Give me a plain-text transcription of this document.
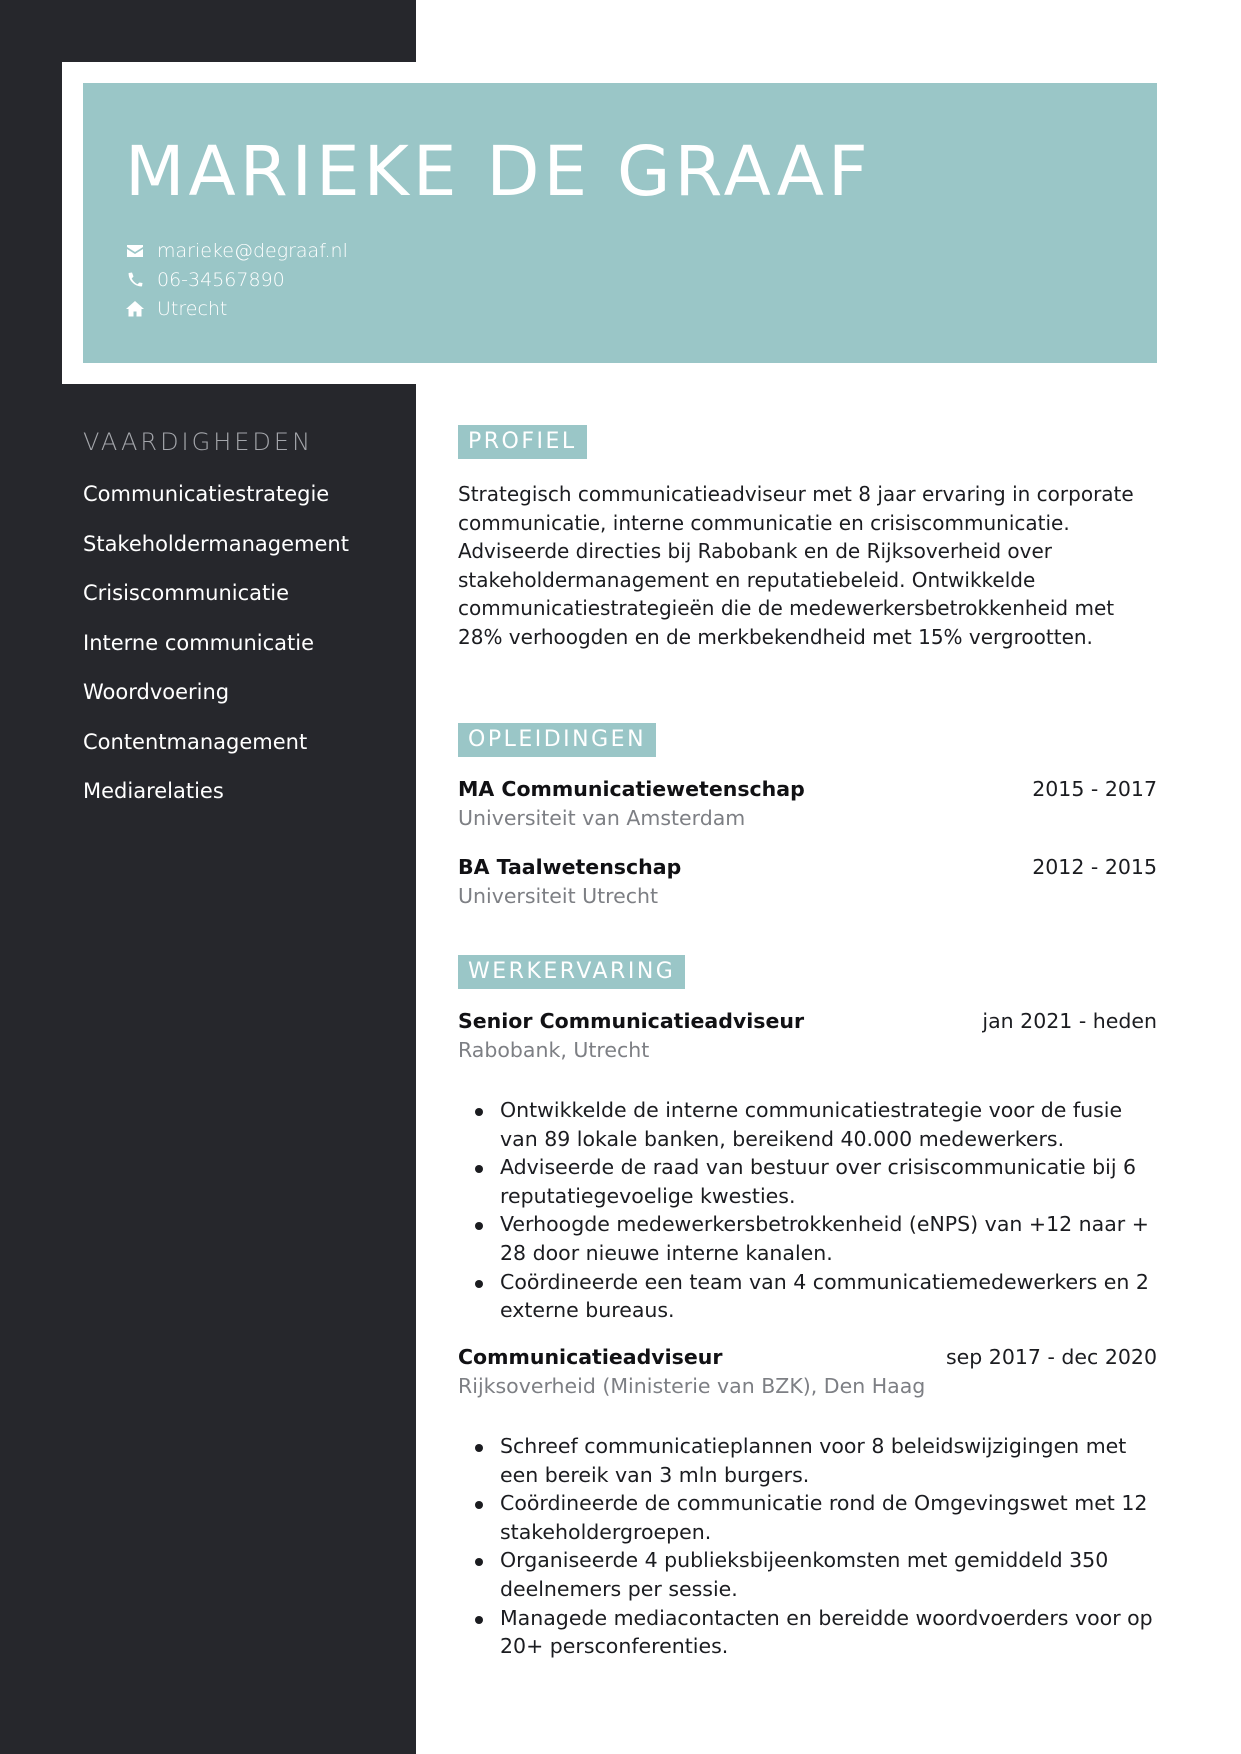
MARIEKE DE GRAAF
marieke@degraaf.nl
06-34567890
Utrecht
VAARDIGHEDEN
Communicatiestrategie
Stakeholdermanagement
Crisiscommunicatie
Interne communicatie
Woordvoering
Contentmanagement
Mediarelaties
PROFIEL

Strategisch communicatieadviseur met 8 jaar ervaring in corporate communicatie, interne communicatie en crisiscommunicatie. Adviseerde directies bij Rabobank en de Rijksoverheid over stakeholdermanagement en reputatiebeleid. Ontwikkelde communicatiestrategieën die de medewerkersbetrokkenheid met 28% verhoogden en de merkbekendheid met 15% vergrootten.

OPLEIDINGEN
MA Communicatiewetenschap	2015 - 2017
Universiteit van Amsterdam
BA Taalwetenschap	2012 - 2015
Universiteit Utrecht
WERKERVARING
Senior Communicatieadviseur	jan 2021 - heden
Rabobank, Utrecht
Ontwikkelde de interne communicatiestrategie voor de fusie van 89 lokale banken, bereikend 40.000 medewerkers.
Adviseerde de raad van bestuur over crisiscommunicatie bij 6 reputatiegevoelige kwesties.
Verhoogde medewerkersbetrokkenheid (eNPS) van +12 naar + 28 door nieuwe interne kanalen.
Coördineerde een team van 4 communicatiemedewerkers en 2 externe bureaus.
Communicatieadviseur	sep 2017 - dec 2020
Rijksoverheid (Ministerie van BZK), Den Haag
Schreef communicatieplannen voor 8 beleidswijzigingen met een bereik van 3 mln burgers.
Coördineerde de communicatie rond de Omgevingswet met 12 stakeholdergroepen.
Organiseerde 4 publieksbijeenkomsten met gemiddeld 350 deelnemers per sessie.
Managede mediacontacten en bereidde woordvoerders voor op 20+ persconferenties.
